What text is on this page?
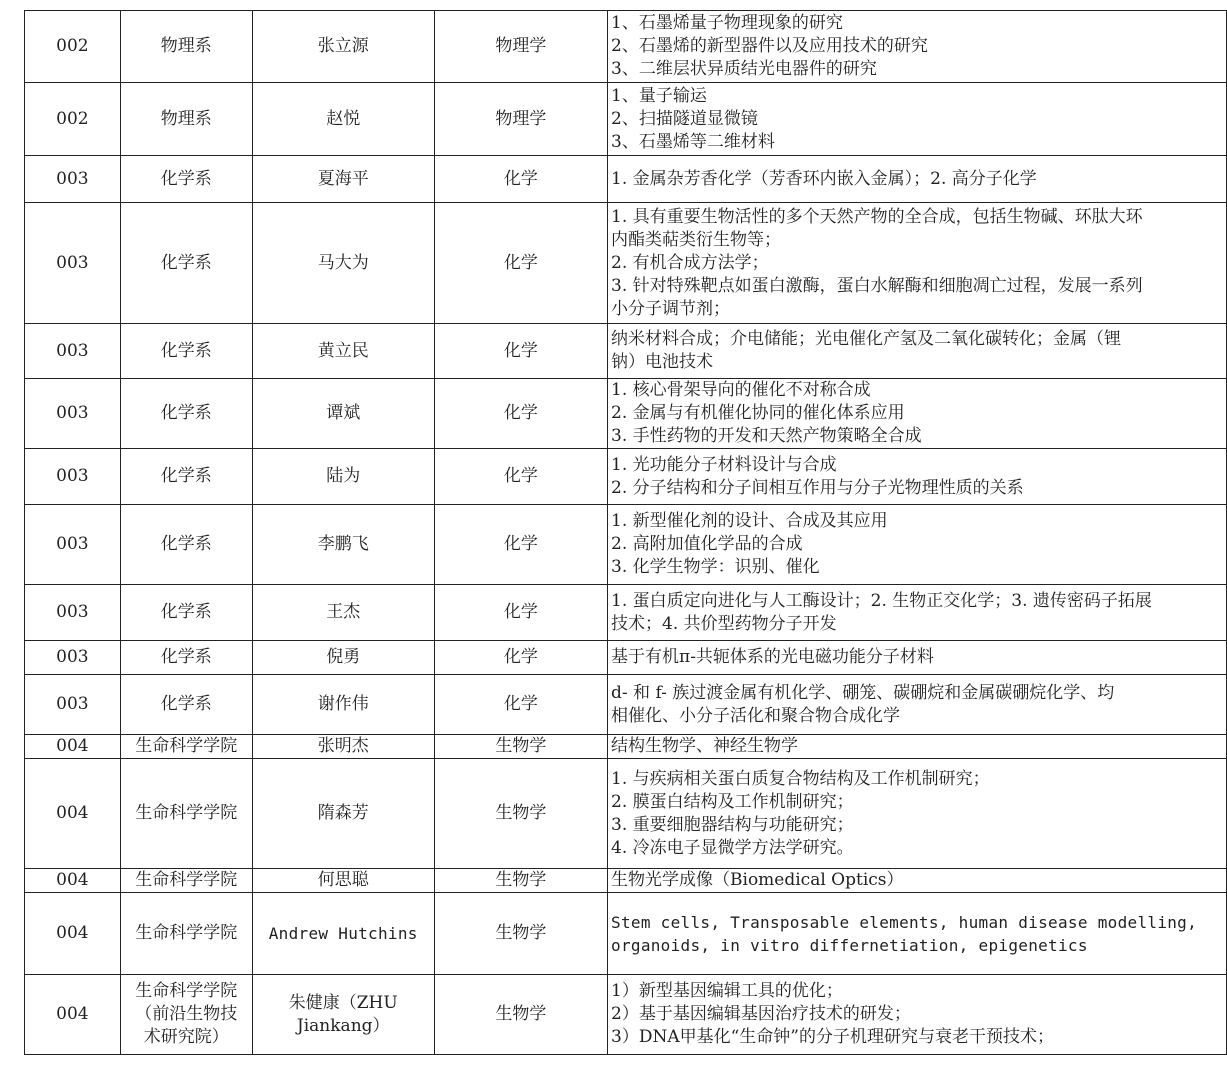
002	物理系	张立源	物理学	1、石墨烯量子物理现象的研究
2、石墨烯的新型器件以及应用技术的研究
3、二维层状异质结光电器件的研究

002	物理系	赵悦	物理学	1、量子输运
2、扫描隧道显微镜
3、石墨烯等二维材料

003	化学系	夏海平	化学	1. 金属杂芳香化学（芳香环内嵌入金属）；2. 高分子化学

003	化学系	马大为	化学	1. 具有重要生物活性的多个天然产物的全合成，包括生物碱、环肽大环
内酯类萜类衍生物等；
2. 有机合成方法学；
3. 针对特殊靶点如蛋白激酶，蛋白水解酶和细胞凋亡过程，发展一系列
小分子调节剂；

003	化学系	黄立民	化学	纳米材料合成；介电储能；光电催化产氢及二氧化碳转化；金属（锂
钠）电池技术

003	化学系	谭斌	化学	1. 核心骨架导向的催化不对称合成
2. 金属与有机催化协同的催化体系应用
3. 手性药物的开发和天然产物策略全合成

003	化学系	陆为	化学	1. 光功能分子材料设计与合成
2. 分子结构和分子间相互作用与分子光物理性质的关系

003	化学系	李鹏飞	化学	1. 新型催化剂的设计、合成及其应用
2. 高附加值化学品的合成
3. 化学生物学：识别、催化

003	化学系	王杰	化学	1. 蛋白质定向进化与人工酶设计；2. 生物正交化学；3. 遗传密码子拓展
技术；4. 共价型药物分子开发

003	化学系	倪勇	化学	基于有机π-共轭体系的光电磁功能分子材料

003	化学系	谢作伟	化学	d- 和 f- 族过渡金属有机化学、硼笼、碳硼烷和金属碳硼烷化学、均
相催化、小分子活化和聚合物合成化学

004	生命科学学院	张明杰	生物学	结构生物学、神经生物学

004	生命科学学院	隋森芳	生物学	1. 与疾病相关蛋白质复合物结构及工作机制研究；
2. 膜蛋白结构及工作机制研究；
3. 重要细胞器结构与功能研究；
4. 冷冻电子显微学方法学研究。

004	生命科学学院	何思聪	生物学	生物光学成像（Biomedical Optics）

004	生命科学学院	Andrew Hutchins	生物学	Stem cells, Transposable elements, human disease modelling,
organoids, in vitro differnetiation, epigenetics

004	生命科学学院
（前沿生物技
术研究院）	朱健康（ZHU
Jiankang）	生物学	1）新型基因编辑工具的优化；
2）基于基因编辑基因治疗技术的研发；
3）DNA甲基化“生命钟”的分子机理研究与衰老干预技术；
